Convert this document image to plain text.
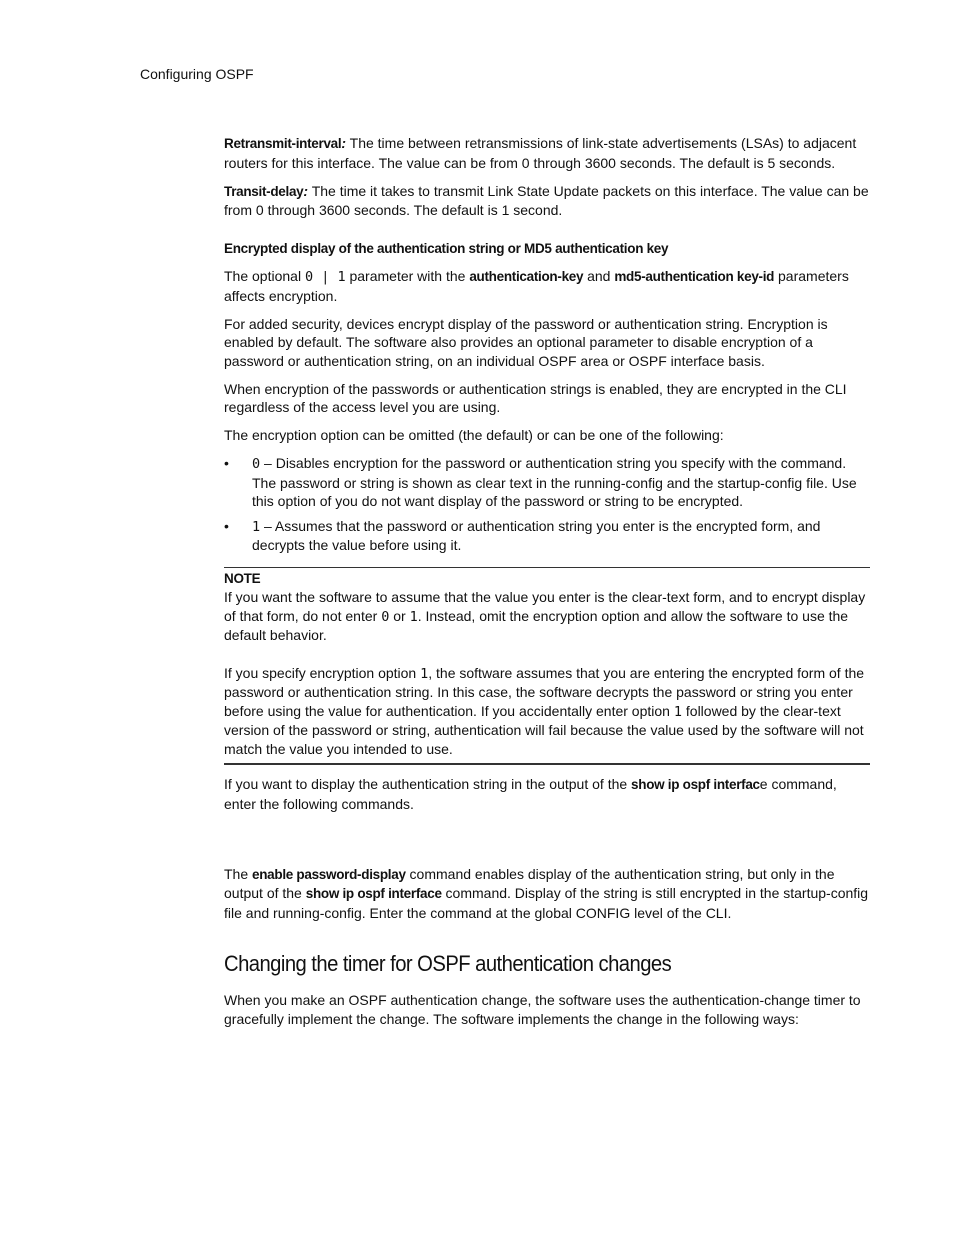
Configuring OSPF

Retransmit-interval: The time between retransmissions of link-state advertisements (LSAs) to adjacent routers for this interface. The value can be from 0 through 3600 seconds. The default is 5 seconds.

Transit-delay: The time it takes to transmit Link State Update packets on this interface. The value can be from 0 through 3600 seconds. The default is 1 second.

Encrypted display of the authentication string or MD5 authentication key

The optional 0 | 1 parameter with the authentication-key and md5-authentication key-id parameters affects encryption.

For added security, devices encrypt display of the password or authentication string. Encryption is enabled by default. The software also provides an optional parameter to disable encryption of a password or authentication string, on an individual OSPF area or OSPF interface basis.

When encryption of the passwords or authentication strings is enabled, they are encrypted in the CLI regardless of the access level you are using.

The encryption option can be omitted (the default) or can be one of the following:

• 0 – Disables encryption for the password or authentication string you specify with the command. The password or string is shown as clear text in the running-config and the startup-config file. Use this option of you do not want display of the password or string to be encrypted.
• 1 – Assumes that the password or authentication string you enter is the encrypted form, and decrypts the value before using it.

NOTE

If you want the software to assume that the value you enter is the clear-text form, and to encrypt display of that form, do not enter 0 or 1. Instead, omit the encryption option and allow the software to use the default behavior.

If you specify encryption option 1, the software assumes that you are entering the encrypted form of the password or authentication string. In this case, the software decrypts the password or string you enter before using the value for authentication. If you accidentally enter option 1 followed by the clear-text version of the password or string, authentication will fail because the value used by the software will not match the value you intended to use.

If you want to display the authentication string in the output of the show ip ospf interface command, enter the following commands.

The enable password-display command enables display of the authentication string, but only in the output of the show ip ospf interface command. Display of the string is still encrypted in the startup-config file and running-config. Enter the command at the global CONFIG level of the CLI.

Changing the timer for OSPF authentication changes

When you make an OSPF authentication change, the software uses the authentication-change timer to gracefully implement the change. The software implements the change in the following ways:
